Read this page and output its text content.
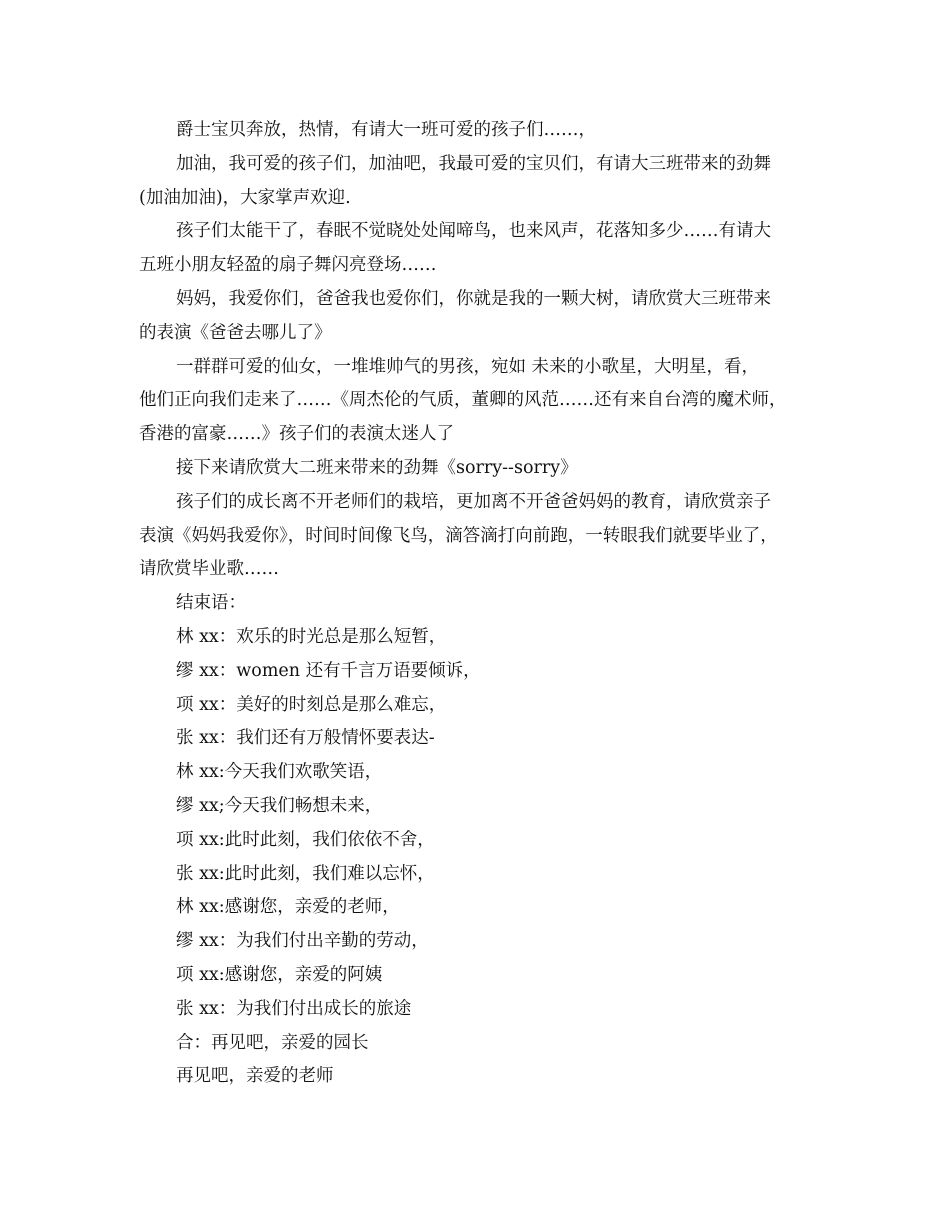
爵士宝贝奔放，热情，有请大一班可爱的孩子们……，
加油，我可爱的孩子们，加油吧，我最可爱的宝贝们，有请大三班带来的劲舞
(加油加油)，大家掌声欢迎.
孩子们太能干了，春眠不觉晓处处闻啼鸟，也来风声，花落知多少……有请大
五班小朋友轻盈的扇子舞闪亮登场……
妈妈，我爱你们，爸爸我也爱你们，你就是我的一颗大树，请欣赏大三班带来
的表演《爸爸去哪儿了》
一群群可爱的仙女，一堆堆帅气的男孩，宛如 未来的小歌星，大明星，看，
他们正向我们走来了……《周杰伦的气质，董卿的风范……还有来自台湾的魔术师，
香港的富豪……》孩子们的表演太迷人了
接下来请欣赏大二班来带来的劲舞《sorry--sorry》
孩子们的成长离不开老师们的栽培，更加离不开爸爸妈妈的教育，请欣赏亲子
表演《妈妈我爱你》，时间时间像飞鸟，滴答滴打向前跑，一转眼我们就要毕业了，
请欣赏毕业歌……
结束语：
林 xx：欢乐的时光总是那么短暂，
缪 xx：women 还有千言万语要倾诉，
项 xx：美好的时刻总是那么难忘，
张 xx：我们还有万般情怀要表达-
林 xx:今天我们欢歌笑语，
缪 xx;今天我们畅想未来，
项 xx:此时此刻，我们依依不舍，
张 xx:此时此刻，我们难以忘怀，
林 xx:感谢您，亲爱的老师，
缪 xx：为我们付出辛勤的劳动，
项 xx:感谢您，亲爱的阿姨
张 xx：为我们付出成长的旅途
合：再见吧，亲爱的园长
再见吧，亲爱的老师
